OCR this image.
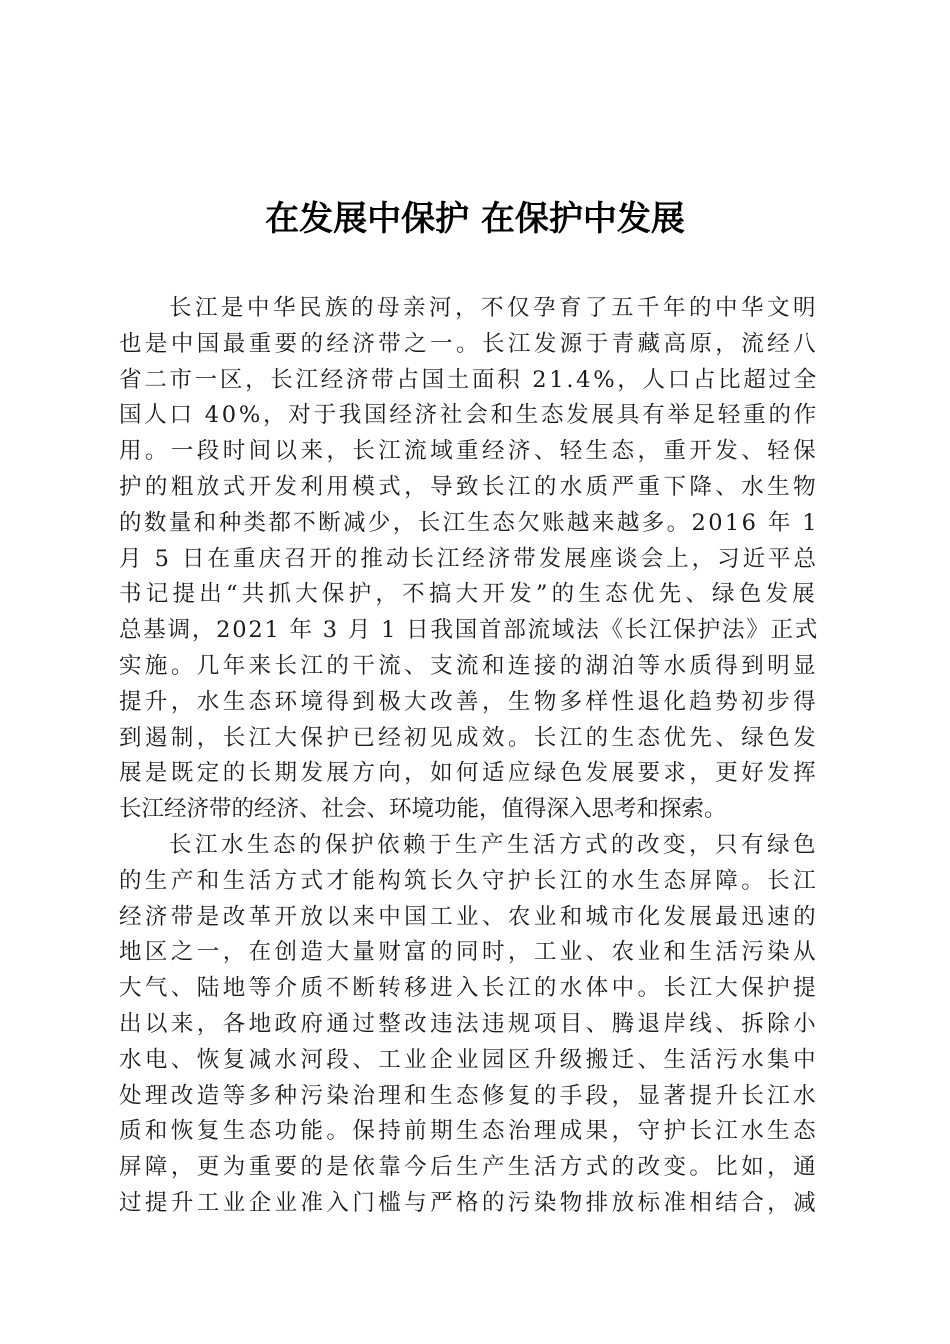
在发展中保护 在保护中发展
长江是中华民族的母亲河，不仅孕育了五千年的中华文明
也是中国最重要的经济带之一。长江发源于青藏高原，流经八
省二市一区，长江经济带占国土面积 21.4%，人口占比超过全
国人口 40%，对于我国经济社会和生态发展具有举足轻重的作
用。一段时间以来，长江流域重经济、轻生态，重开发、轻保
护的粗放式开发利用模式，导致长江的水质严重下降、水生物
的数量和种类都不断减少，长江生态欠账越来越多。2016 年 1
月 5 日在重庆召开的推动长江经济带发展座谈会上，习近平总
书记提出“共抓大保护，不搞大开发”的生态优先、绿色发展
总基调，2021 年 3 月 1 日我国首部流域法《长江保护法》正式
实施。几年来长江的干流、支流和连接的湖泊等水质得到明显
提升，水生态环境得到极大改善，生物多样性退化趋势初步得
到遏制，长江大保护已经初见成效。长江的生态优先、绿色发
展是既定的长期发展方向，如何适应绿色发展要求，更好发挥
长江经济带的经济、社会、环境功能，值得深入思考和探索。
长江水生态的保护依赖于生产生活方式的改变，只有绿色
的生产和生活方式才能构筑长久守护长江的水生态屏障。长江
经济带是改革开放以来中国工业、农业和城市化发展最迅速的
地区之一，在创造大量财富的同时，工业、农业和生活污染从
大气、陆地等介质不断转移进入长江的水体中。长江大保护提
出以来，各地政府通过整改违法违规项目、腾退岸线、拆除小
水电、恢复减水河段、工业企业园区升级搬迁、生活污水集中
处理改造等多种污染治理和生态修复的手段，显著提升长江水
质和恢复生态功能。保持前期生态治理成果，守护长江水生态
屏障，更为重要的是依靠今后生产生活方式的改变。比如，通
过提升工业企业准入门槛与严格的污染物排放标准相结合，减
